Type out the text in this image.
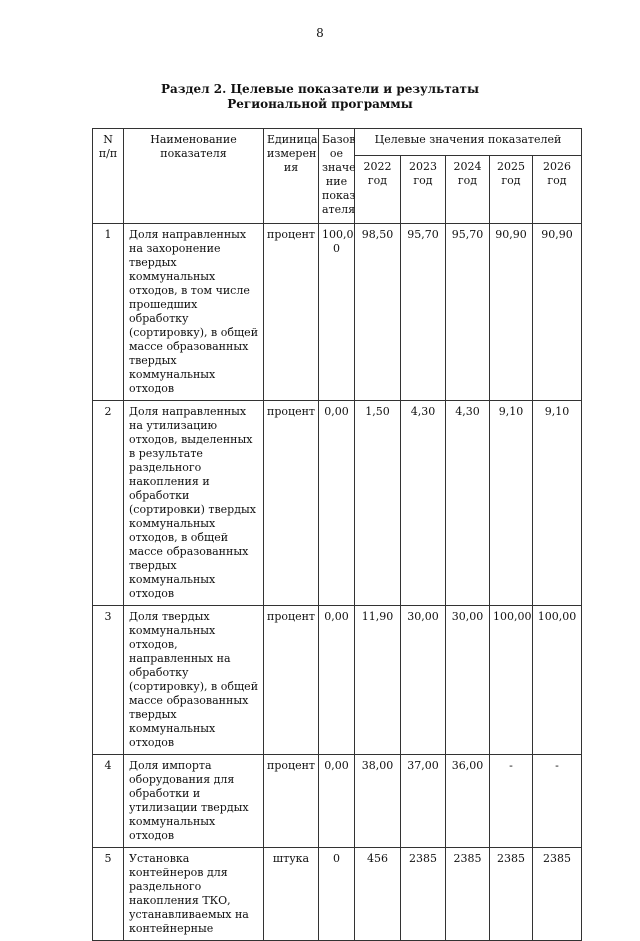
8
Раздел 2. Целевые показатели и результаты
Региональной программы
N п/п	Наименование показателя	Единица измерен ия	Базов ое значе ние показ ателя	Целевые значения показателей				
				2022 год	2023 год	2024 год	2025 год	2026 год
1	Доля направленных на захоронение твердых коммунальных отходов, в том числе прошедших обработку (сортировку), в общей массе образованных твердых коммунальных отходов	процент	100,0 0	98,50	95,70	95,70	90,90	90,90
2	Доля направленных на утилизацию отходов, выделенных в результате раздельного накопления и обработки (сортировки) твердых коммунальных отходов, в общей массе образованных твердых коммунальных отходов	процент	0,00	1,50	4,30	4,30	9,10	9,10
3	Доля твердых коммунальных отходов, направленных на обработку (сортировку), в общей массе образованных твердых коммунальных отходов	процент	0,00	11,90	30,00	30,00	100,00	100,00
4	Доля импорта оборудования для обработки и утилизации твердых коммунальных отходов	процент	0,00	38,00	37,00	36,00	-	-
5	Установка контейнеров для раздельного накопления ТКО, устанавливаемых на контейнерные	штука	0	456	2385	2385	2385	2385
